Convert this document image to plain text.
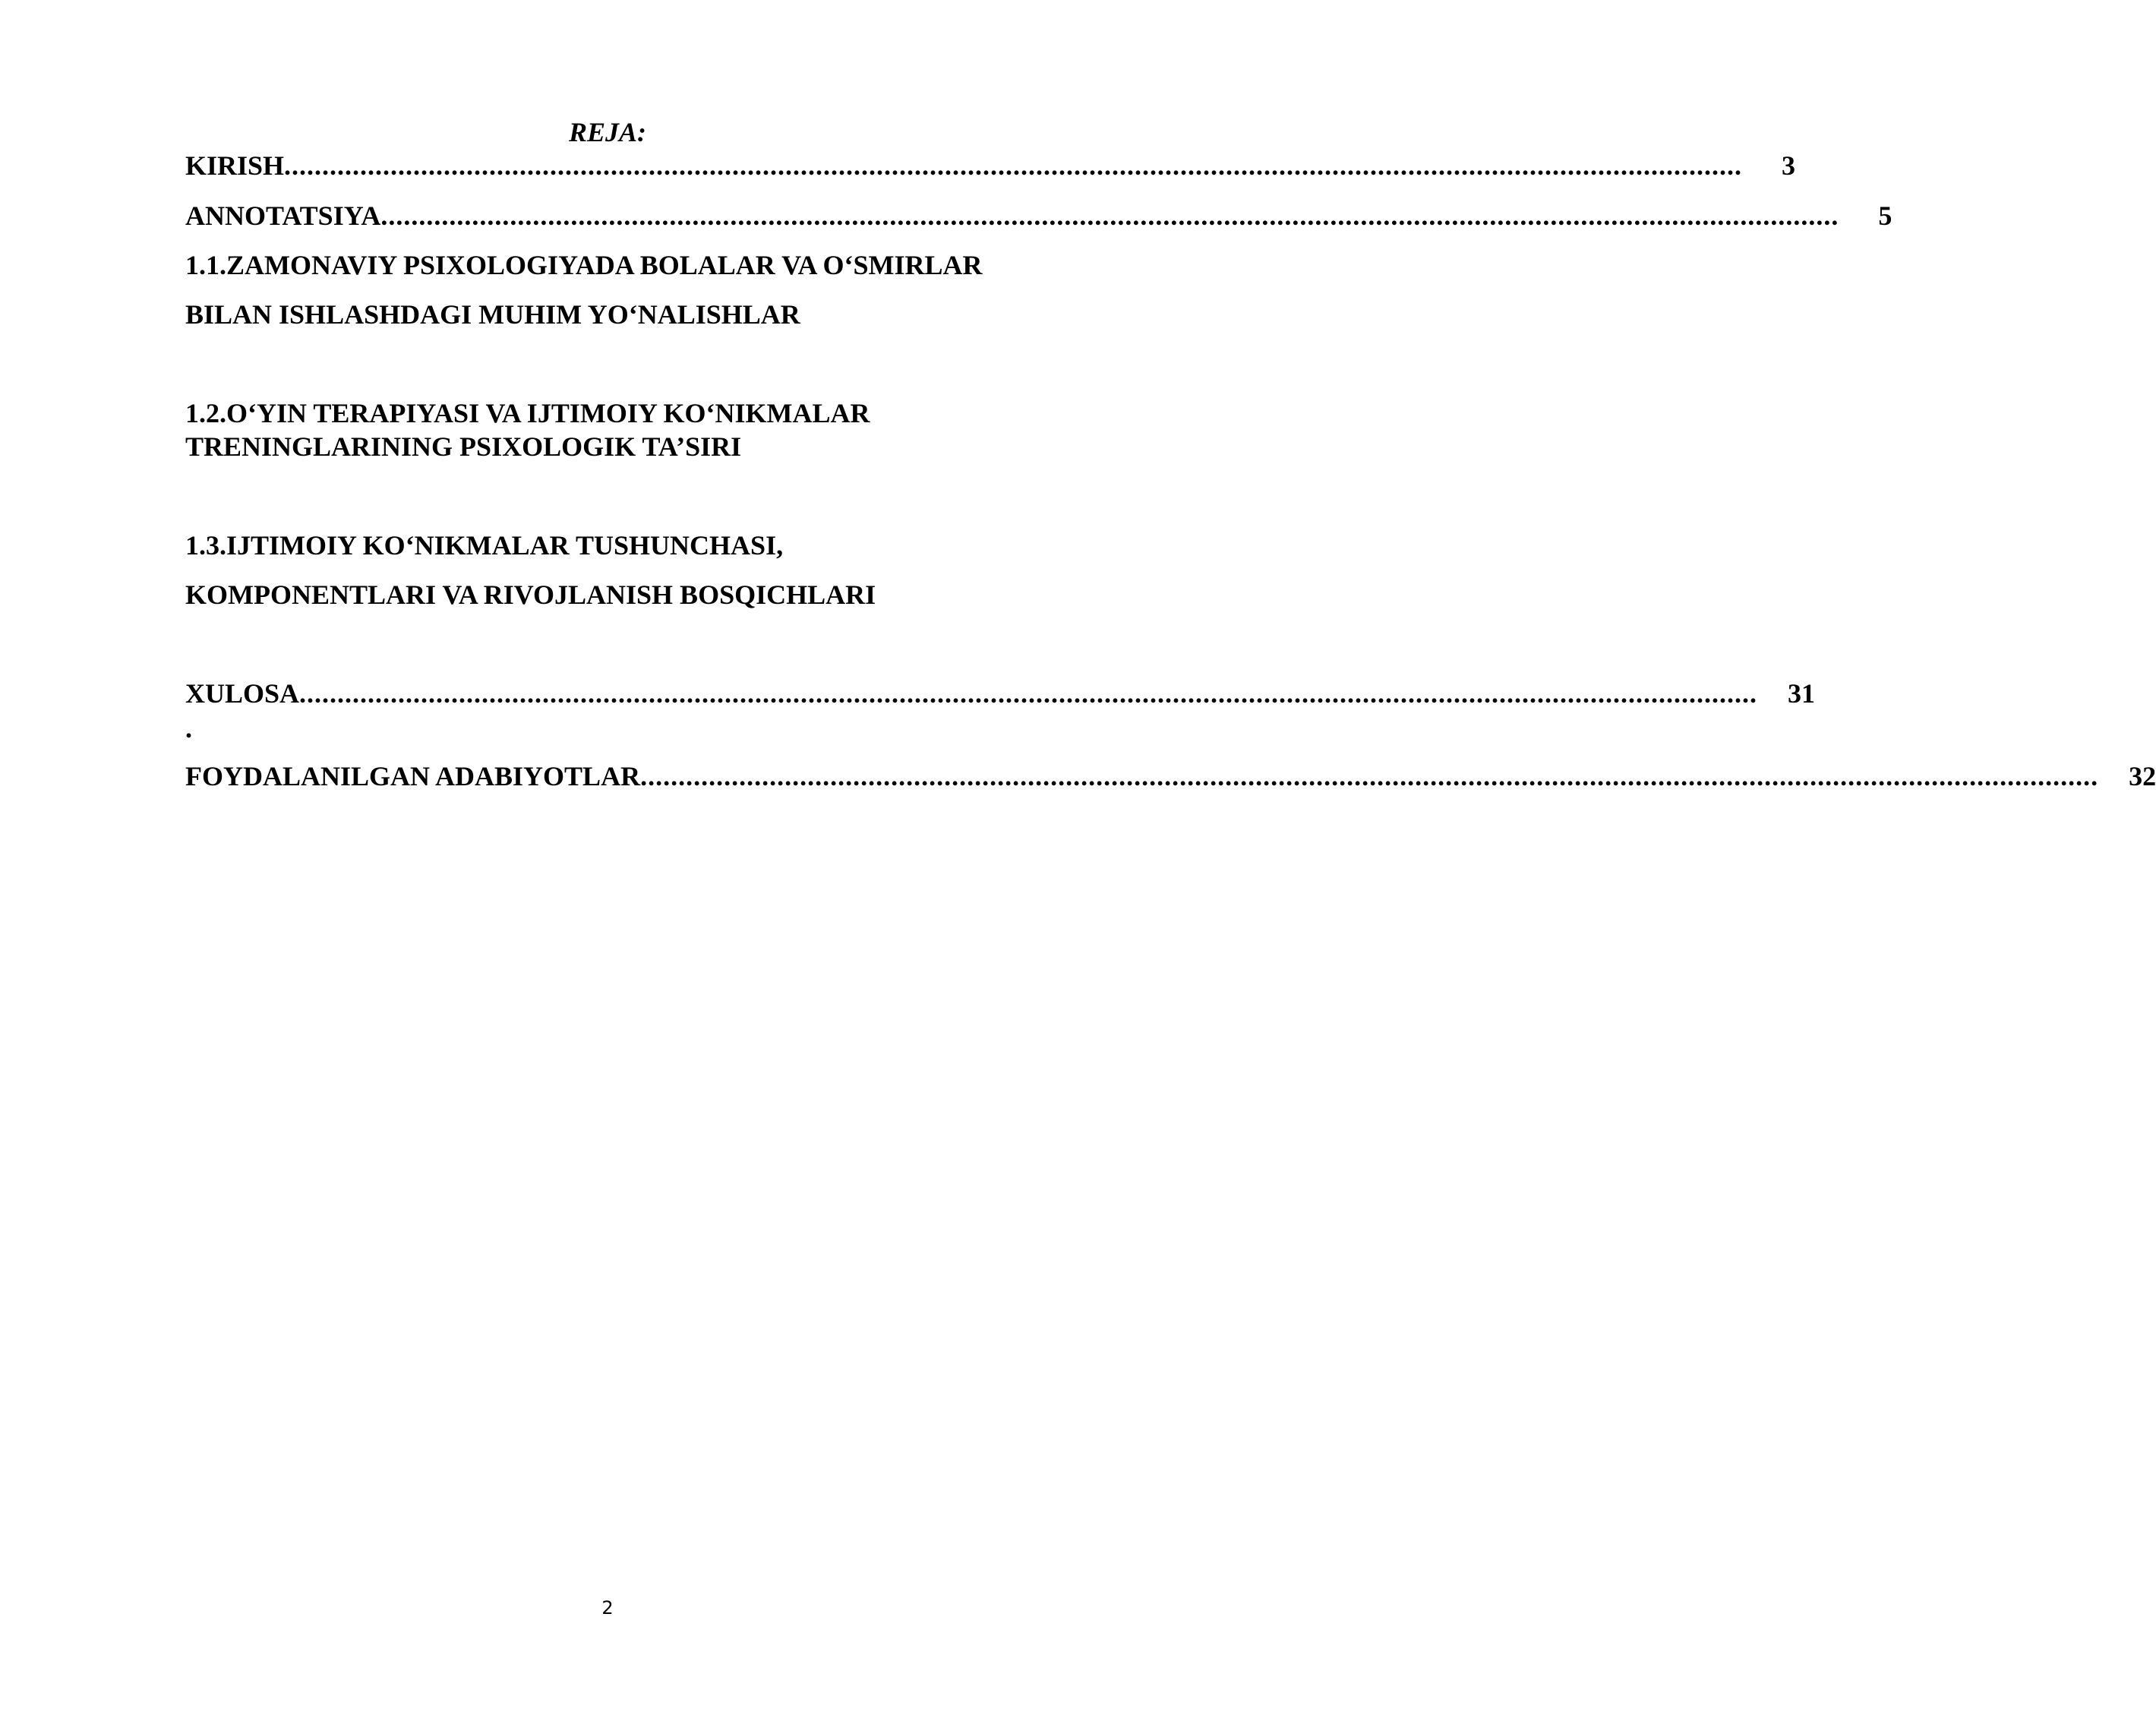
REJA:
KIRISH ................................................................................................................................................................................................	3
ANNOTATSIYA ................................................................................................................................................................................................	5
1.1.ZAMONAVIY PSIXOLOGIYADA BOLALAR VA O‘SMIRLAR
BILAN ISHLASHDAGI MUHIM YO‘NALISHLAR
1.2.O‘YIN TERAPIYASI VA IJTIMOIY KO‘NIKMALAR
TRENINGLARINING PSIXOLOGIK TA’SIRI
1.3.IJTIMOIY KO‘NIKMALAR TUSHUNCHASI,
KOMPONENTLARI VA RIVOJLANISH BOSQICHLARI
XULOSA ................................................................................................................................................................................................	31
.
FOYDALANILGAN ADABIYOTLAR ................................................................................................................................................................................................	32
2
